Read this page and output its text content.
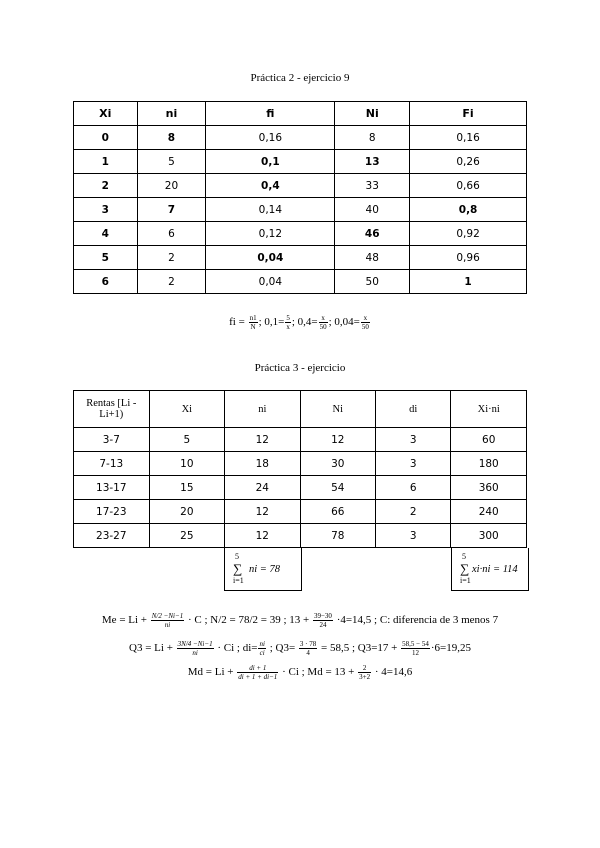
Práctica 2 - ejercicio 9
Xi	ni	fi	Ni	Fi
0	8	0,16	8	0,16
1	5	0,1	13	0,26
2	20	0,4	33	0,66
3	7	0,14	40	0,8
4	6	0,12	46	0,92
5	2	0,04	48	0,96
6	2	0,04	50	1
fi = $\frac{n1}{N}$ ; $0,1= \frac{5}{x}$ ; $0,4= \frac{x}{50}$ ; $0,04= \frac{x}{50}$
Práctica 3 - ejercicio
Rentas [Li - Li+1)	Xi	ni	Ni	di	Xi·ni
3-7	5	12	12	3	60
7-13	10	18	30	3	180
13-17	15	24	54	6	360
17-23	20	12	66	2	240
23-27	25	12	78	3	300
5
∑
i=1
ni = 78
5
∑
i=1
xi·ni = 114
$Me = Li + \frac{N/2 -Ni-1}{ni} \cdot C$ ; N/2 = 78/2 = 39 ; $13 + \frac{39-30}{24} \cdot 4=14,5$ ; C: diferencia de 3 menos 7
$Q3 = Li + \frac{3N/4 -Ni-1}{ni} \cdot Ci$ ; $di= \frac{ni}{ci}$ ; $Q3= \frac{3 \cdot 78}{4} = 58,5$ ; $Q3=17 + \frac{58,5 - 54}{12} \cdot 6=19,25$
$Md = Li + \frac{di + 1}{di + 1 + di-1} \cdot Ci$ ; $Md = 13 + \frac{2}{3+2} \cdot 4=14,6$
